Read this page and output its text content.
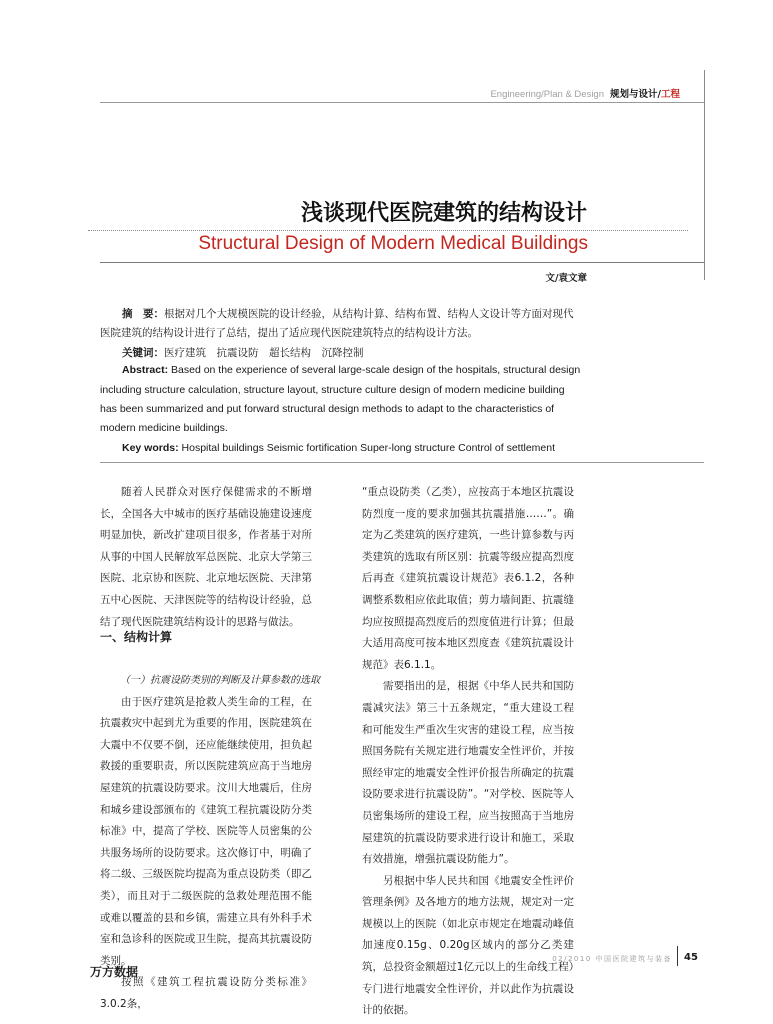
Engineering/Plan & Design 规划与设计/工程
浅谈现代医院建筑的结构设计
Structural Design of Modern Medical Buildings
文/袁文章
摘　要：根据对几个大规模医院的设计经验，从结构计算、结构布置、结构人文设计等方面对现代
医院建筑的结构设计进行了总结，提出了适应现代医院建筑特点的结构设计方法。
关键词：医疗建筑　抗震设防　超长结构　沉降控制
Abstract: Based on the experience of several large-scale design of the hospitals, structural design
including structure calculation, structure layout, structure culture design of modern medicine building
has been summarized and put forward structural design methods to adapt to the characteristics of
modern medicine buildings.
Key words: Hospital buildings Seismic fortification Super-long structure Control of settlement

随着人民群众对医疗保健需求的不断增长，全国各大中城市的医疗基础设施建设速度明显加快，新改扩建项目很多，作者基于对所从事的中国人民解放军总医院、北京大学第三医院、北京协和医院、北京地坛医院、天津第五中心医院、天津医院等的结构设计经验，总结了现代医院建筑结构设计的思路与做法。

一、结构计算
（一）抗震设防类别的判断及计算参数的选取

由于医疗建筑是抢救人类生命的工程，在抗震救灾中起到尤为重要的作用，医院建筑在大震中不仅要不倒，还应能继续使用，担负起救援的重要职责，所以医院建筑应高于当地房屋建筑的抗震设防要求。汶川大地震后，住房和城乡建设部颁布的《建筑工程抗震设防分类标准》中，提高了学校、医院等人员密集的公共服务场所的设防要求。这次修订中，明确了将二级、三级医院均提高为重点设防类（即乙类），而且对于二级医院的急救处理范围不能或难以覆盖的县和乡镇，需建立具有外科手术室和急诊科的医院或卫生院，提高其抗震设防类别。

按照《建筑工程抗震设防分类标准》3.0.2条，

“重点设防类（乙类），应按高于本地区抗震设防烈度一度的要求加强其抗震措施……”。确定为乙类建筑的医疗建筑，一些计算参数与丙类建筑的选取有所区别：抗震等级应提高烈度后再查《建筑抗震设计规范》表6.1.2，各种调整系数相应依此取值；剪力墙间距、抗震缝均应按照提高烈度后的烈度值进行计算；但最大适用高度可按本地区烈度查《建筑抗震设计规范》表6.1.1。

需要指出的是，根据《中华人民共和国防震减灾法》第三十五条规定，“重大建设工程和可能发生严重次生灾害的建设工程，应当按照国务院有关规定进行地震安全性评价，并按照经审定的地震安全性评价报告所确定的抗震设防要求进行抗震设防”。“对学校、医院等人员密集场所的建设工程，应当按照高于当地房屋建筑的抗震设防要求进行设计和施工，采取有效措施，增强抗震设防能力”。

另根据中华人民共和国《地震安全性评价管理条例》及各地方的地方法规，规定对一定规模以上的医院（如北京市规定在地震动峰值加速度0.15g、0.20g区域内的部分乙类建筑，总投资金额超过1亿元以上的生命线工程）专门进行地震安全性评价，并以此作为抗震设计的依据。

02/2010 中国医院建筑与装备 45
万方数据
